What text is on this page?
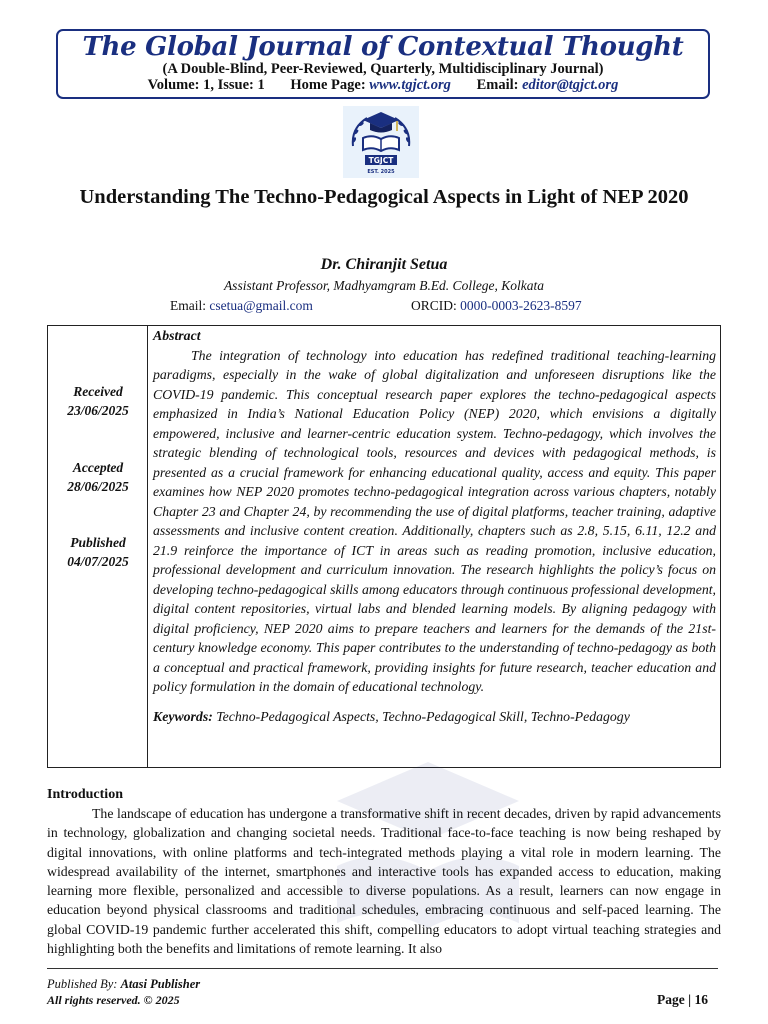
The Global Journal of Contextual Thought
(A Double-Blind, Peer-Reviewed, Quarterly, Multidisciplinary Journal)
Volume: 1, Issue: 1 Home Page: www.tgjct.org Email: editor@tgjct.org
TGJCT
EST. 2025
Understanding The Techno-Pedagogical Aspects in Light of NEP 2020
Dr. Chiranjit Setua
Assistant Professor, Madhyamgram B.Ed. College, Kolkata
Email: csetua@gmail.com	ORCID: 0000-0003-2623-8597
Received
23/06/2025
Accepted
28/06/2025
Published
04/07/2025
Abstract

The integration of technology into education has redefined traditional teaching-learning paradigms, especially in the wake of global digitalization and unforeseen disruptions like the COVID-19 pandemic. This conceptual research paper explores the techno-pedagogical aspects emphasized in India’s National Education Policy (NEP) 2020, which envisions a digitally empowered, inclusive and learner-centric education system. Techno-pedagogy, which involves the strategic blending of technological tools, resources and devices with pedagogical methods, is presented as a crucial framework for enhancing educational quality, access and equity. This paper examines how NEP 2020 promotes techno-pedagogical integration across various chapters, notably Chapter 23 and Chapter 24, by recommending the use of digital platforms, teacher training, adaptive assessments and inclusive content creation. Additionally, chapters such as 2.8, 5.15, 6.11, 12.2 and 21.9 reinforce the importance of ICT in areas such as reading promotion, inclusive education, professional development and curriculum innovation. The research highlights the policy’s focus on developing techno-pedagogical skills among educators through continuous professional development, digital content repositories, virtual labs and blended learning models. By aligning pedagogy with digital proficiency, NEP 2020 aims to prepare teachers and learners for the demands of the 21st-century knowledge economy. This paper contributes to the understanding of techno-pedagogy as both a conceptual and practical framework, providing insights for future research, teacher education and policy formulation in the domain of educational technology.

Keywords: Techno-Pedagogical Aspects, Techno-Pedagogical Skill, Techno-Pedagogy
Introduction

The landscape of education has undergone a transformative shift in recent decades, driven by rapid advancements in technology, globalization and changing societal needs. Traditional face-to-face teaching is now being reshaped by digital innovations, with online platforms and tech-integrated methods playing a vital role in modern learning. The widespread availability of the internet, smartphones and interactive tools has expanded access to education, making learning more flexible, personalized and accessible to diverse populations. As a result, learners can now engage in education beyond physical classrooms and traditional schedules, embracing continuous and self-paced learning. The global COVID-19 pandemic further accelerated this shift, compelling educators to adopt virtual teaching strategies and highlighting both the benefits and limitations of remote learning. It also

Published By: Atasi Publisher
All rights reserved. © 2025	Page | 16
